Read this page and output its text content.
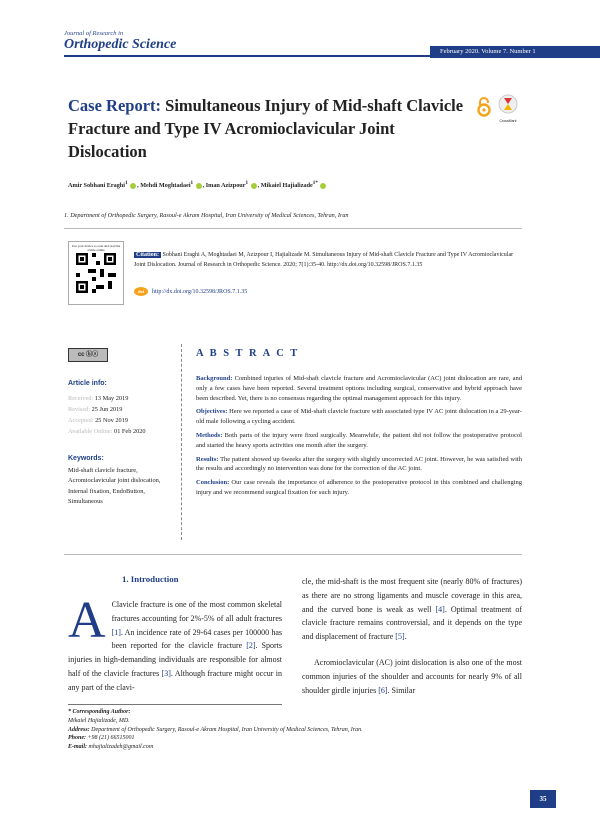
Journal of Research in
Orthopedic Science	February 2020. Volume 7. Number 1
Case Report: Simultaneous Injury of Mid-shaft Clavicle Fracture and Type IV Acromioclavicular Joint Dislocation
CrossMark
Amir Sobhani Eraghi$^1$ , Mehdi Moghtadaei$^1$ , Iman Azizpour$^1$ , Mikaiel Hajializade$^{1*}$
1. Department of Orthopedic Surgery, Rasoul-e Akram Hospital, Iran University of Medical Sciences, Tehran, Iran
Use your device to scan and read the article online
Citation: Sobhani Eraghi A, Moghtadaei M, Azizpour I, Hajializade M. Simultaneous Injury of Mid-shaft Clavicle Fracture and Type IV Acromioclavicular Joint Dislocation. Journal of Research in Orthopedic Science. 2020; 7(1):35-40. http://dx.doi.org/10.32598/JROS.7.1.35
doi http://dx.doi.org/10.32598/JROS.7.1.35
cc ⓑⓢ
Article info:
Received: 13 May 2019
Revised: 25 Jun 2019
Accepted: 25 Nov 2019
Available Online: 01 Feb 2020
Keywords:
Mid-shaft clavicle fracture, Acromioclavicular joint dislocation, Internal fixation, EndoButton, Simultaneous
A B S T R A C T

Background: Combined injuries of Mid-shaft clavicle fracture and Acromioclavicular (AC) joint dislocation are rare, and only a few cases have been reported. Several treatment options including surgical, conservative and hybrid approach have been described. Yet, there is no consensus regarding the optimal management approach for this injury.

Objectives: Here we reported a case of Mid-shaft clavicle fracture with associated type IV AC joint dislocation in a 29-year-old male following a cycling accident.

Methods: Both parts of the injury were fixed surgically. Meanwhile, the patient did not follow the postoperative protocol and started the heavy sports activities one month after the surgery.

Results: The patient showed up 6weeks after the surgery with slightly uncorrected AC joint. However, he was satisfied with the results and accordingly no intervention was done for the correction of the AC joint.

Conclusion: Our case reveals the importance of adherence to the postoperative protocol in this combined and challenging injury and we recommend surgical fixation for such injury.

1. Introduction
A Clavicle fracture is one of the most common skeletal fractures accounting for 2%-5% of all adult fractures [1]. An incidence rate of 29-64 cases per 100000 has been reported for the clavicle fracture [2]. Sports injuries in high-demanding individuals are responsible for almost half of the clavicle fractures [3]. Although fracture might occur in any part of the clavi-

cle, the mid-shaft is the most frequent site (nearly 80% of fractures) as there are no strong ligaments and muscle coverage in this area, and the curved bone is weak as well [4]. Optimal treatment of clavicle fracture remains controversial, and it depends on the type and displacement of fracture [5].

Acromioclavicular (AC) joint dislocation is also one of the most common injuries of the shoulder and accounts for nearly 9% of all shoulder girdle injuries [6]. Similar

* Corresponding Author:
Mikaiel Hajializade, MD.
Address: Department of Orthopedic Surgery, Rasoul-e Akram Hospital, Iran University of Medical Sciences, Tehran, Iran.
Phone: +98 (21) 66515001
E-mail: mhajializadeh@gmail.com
35
